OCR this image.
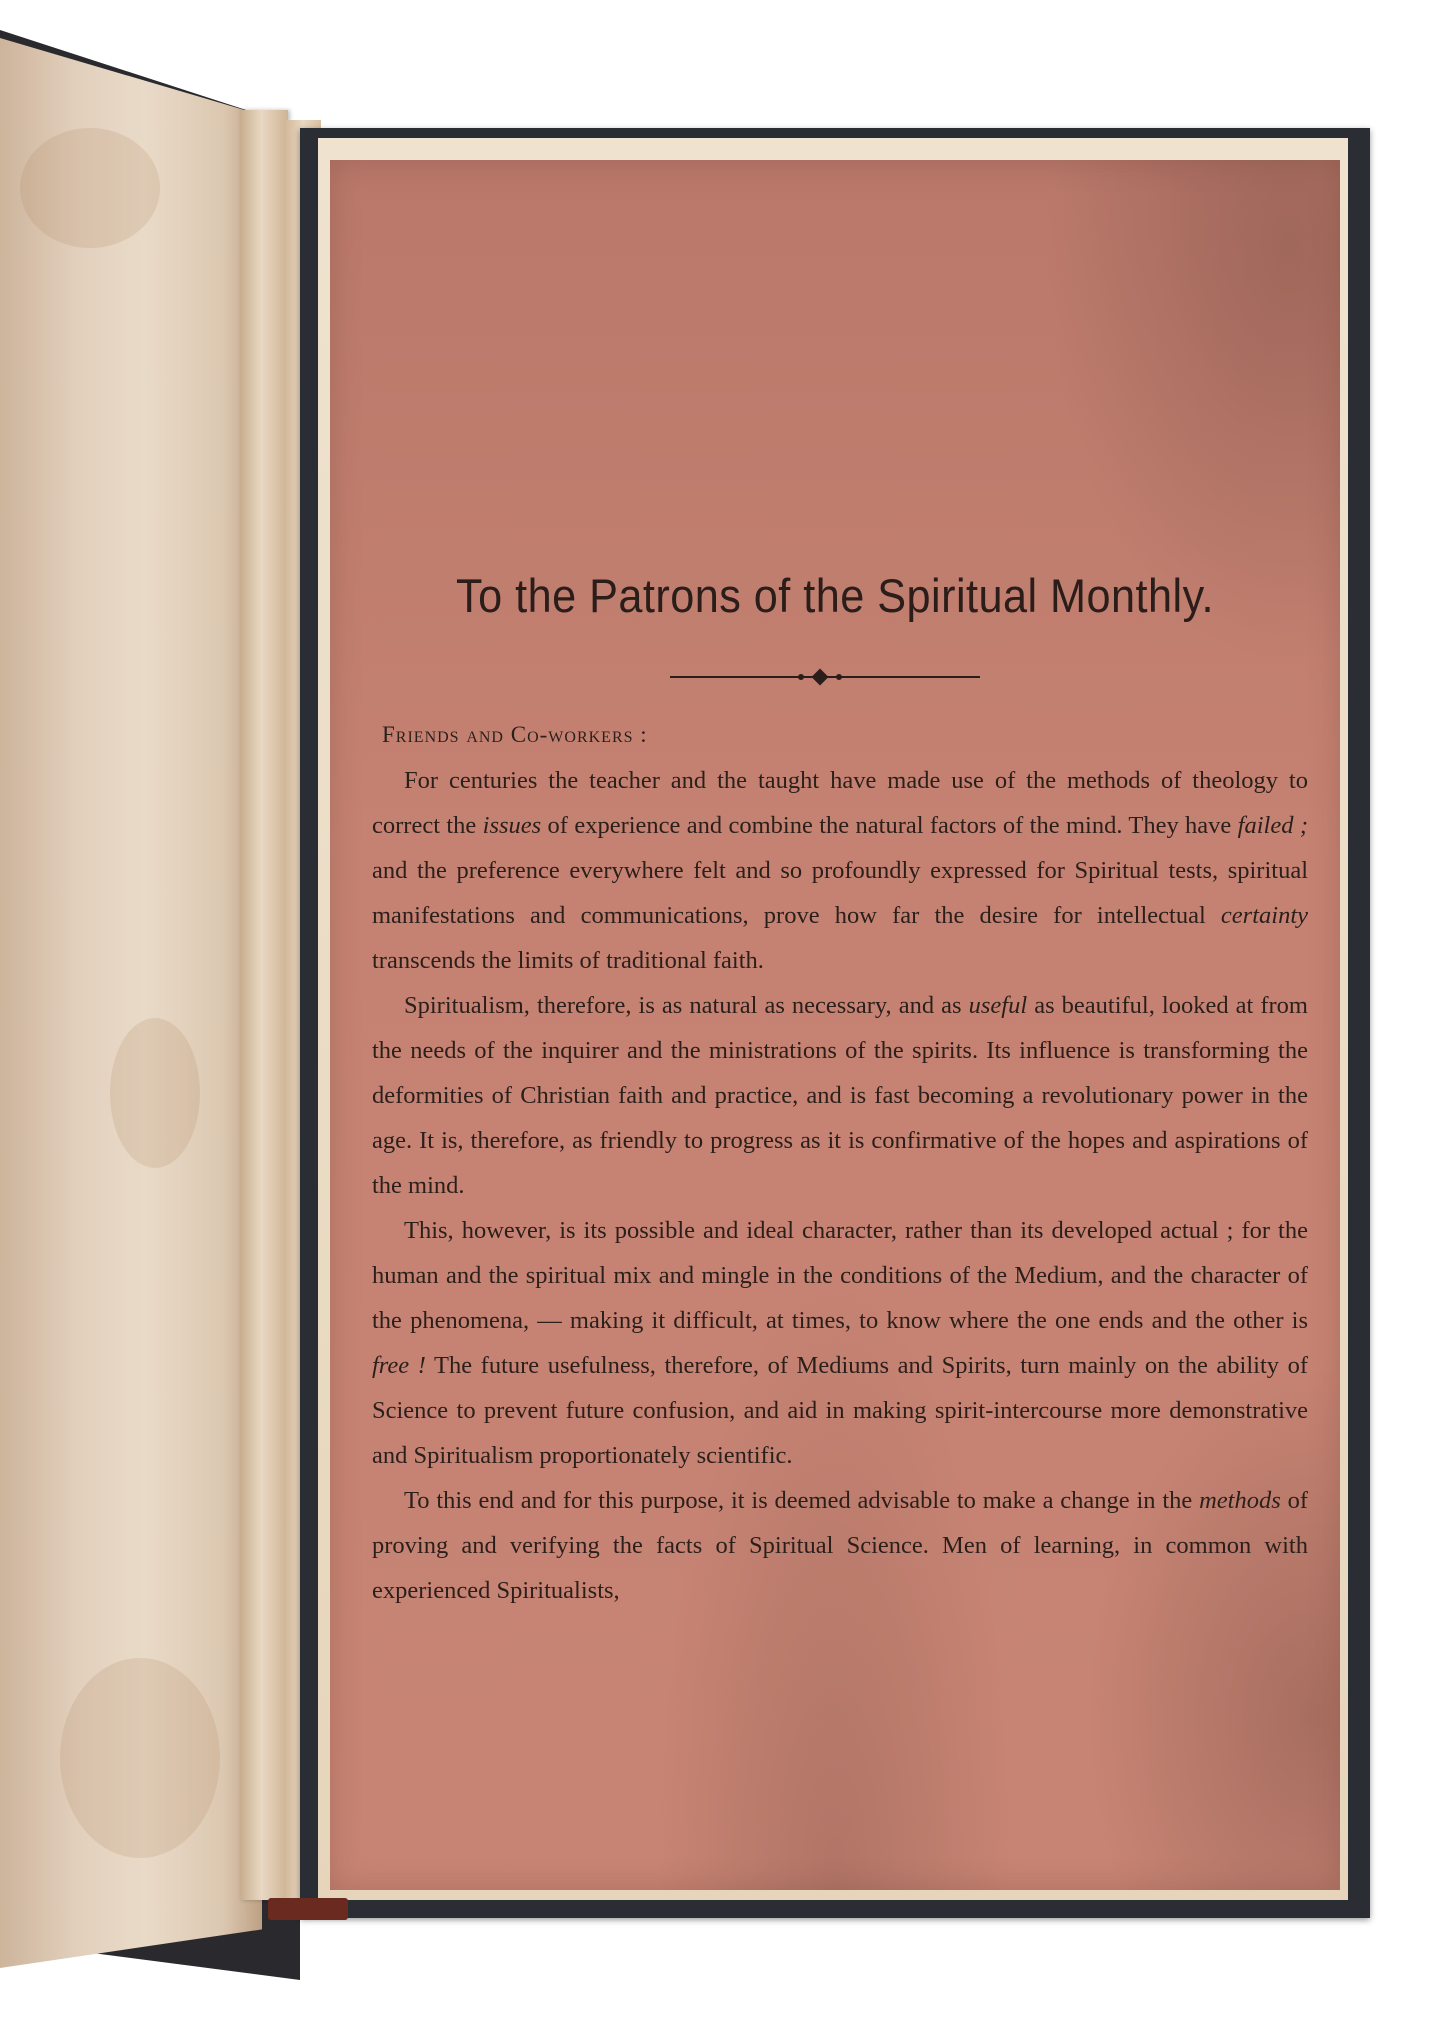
To the Patrons of the Spiritual Monthly.
Friends and Co-workers :

For centuries the teacher and the taught have made use of the methods of theology to correct the issues of experience and combine the natural factors of the mind. They have failed ; and the preference everywhere felt and so profoundly expressed for Spiritual tests, spiritual manifestations and communications, prove how far the desire for intellectual certainty transcends the limits of traditional faith.

Spiritualism, therefore, is as natural as necessary, and as useful as beautiful, looked at from the needs of the inquirer and the ministrations of the spirits. Its influence is transforming the deformities of Christian faith and practice, and is fast becoming a revolutionary power in the age. It is, therefore, as friendly to progress as it is confirmative of the hopes and aspirations of the mind.

This, however, is its possible and ideal character, rather than its developed actual ; for the human and the spiritual mix and mingle in the conditions of the Medium, and the character of the phenomena, — making it difficult, at times, to know where the one ends and the other is free ! The future usefulness, therefore, of Mediums and Spirits, turn mainly on the ability of Science to prevent future confusion, and aid in making spirit-intercourse more demonstrative and Spiritualism proportionately scientific.

To this end and for this purpose, it is deemed advisable to make a change in the methods of proving and verifying the facts of Spiritual Science. Men of learning, in common with experienced Spiritualists,
